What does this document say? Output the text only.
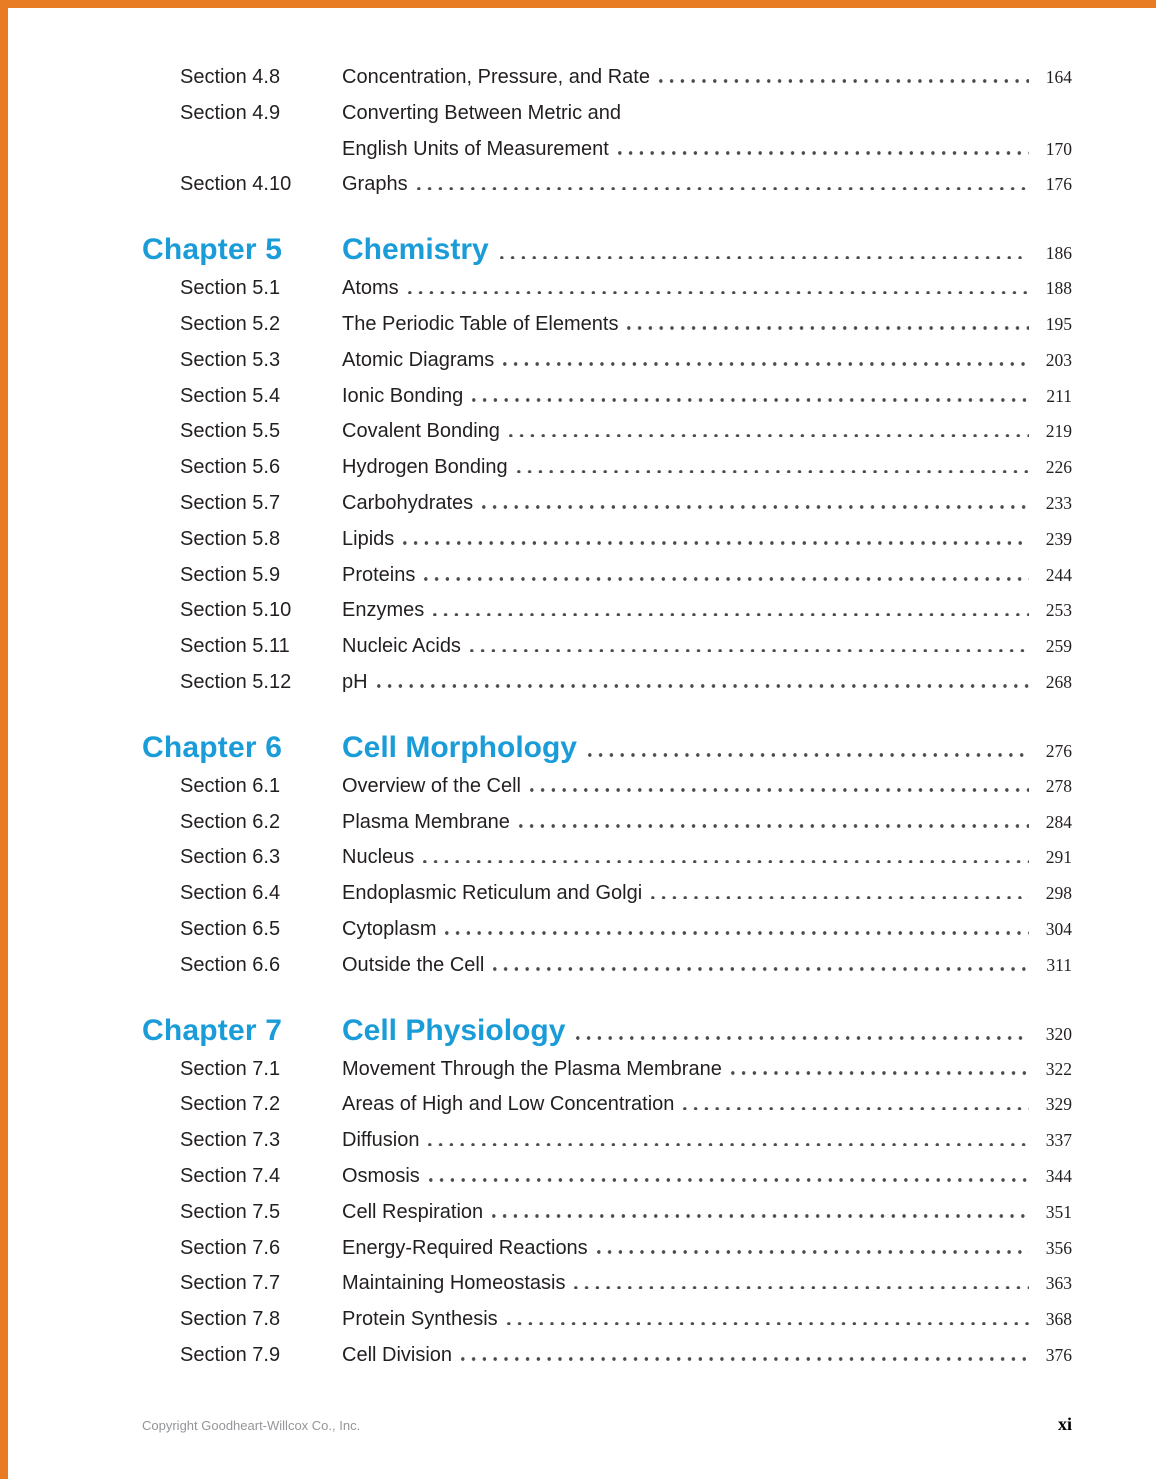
Section 4.8	Concentration, Pressure, and Rate	164
Section 4.9	Converting Between Metric and
English Units of Measurement	170
Section 4.10	Graphs	176
Chapter 5	Chemistry	186
Section 5.1	Atoms	188
Section 5.2	The Periodic Table of Elements	195
Section 5.3	Atomic Diagrams	203
Section 5.4	Ionic Bonding	211
Section 5.5	Covalent Bonding	219
Section 5.6	Hydrogen Bonding	226
Section 5.7	Carbohydrates	233
Section 5.8	Lipids	239
Section 5.9	Proteins	244
Section 5.10	Enzymes	253
Section 5.11	Nucleic Acids	259
Section 5.12	pH	268
Chapter 6	Cell Morphology	276
Section 6.1	Overview of the Cell	278
Section 6.2	Plasma Membrane	284
Section 6.3	Nucleus	291
Section 6.4	Endoplasmic Reticulum and Golgi	298
Section 6.5	Cytoplasm	304
Section 6.6	Outside the Cell	311
Chapter 7	Cell Physiology	320
Section 7.1	Movement Through the Plasma Membrane	322
Section 7.2	Areas of High and Low Concentration	329
Section 7.3	Diffusion	337
Section 7.4	Osmosis	344
Section 7.5	Cell Respiration	351
Section 7.6	Energy-Required Reactions	356
Section 7.7	Maintaining Homeostasis	363
Section 7.8	Protein Synthesis	368
Section 7.9	Cell Division	376
Copyright Goodheart-Willcox Co., Inc.	xi
